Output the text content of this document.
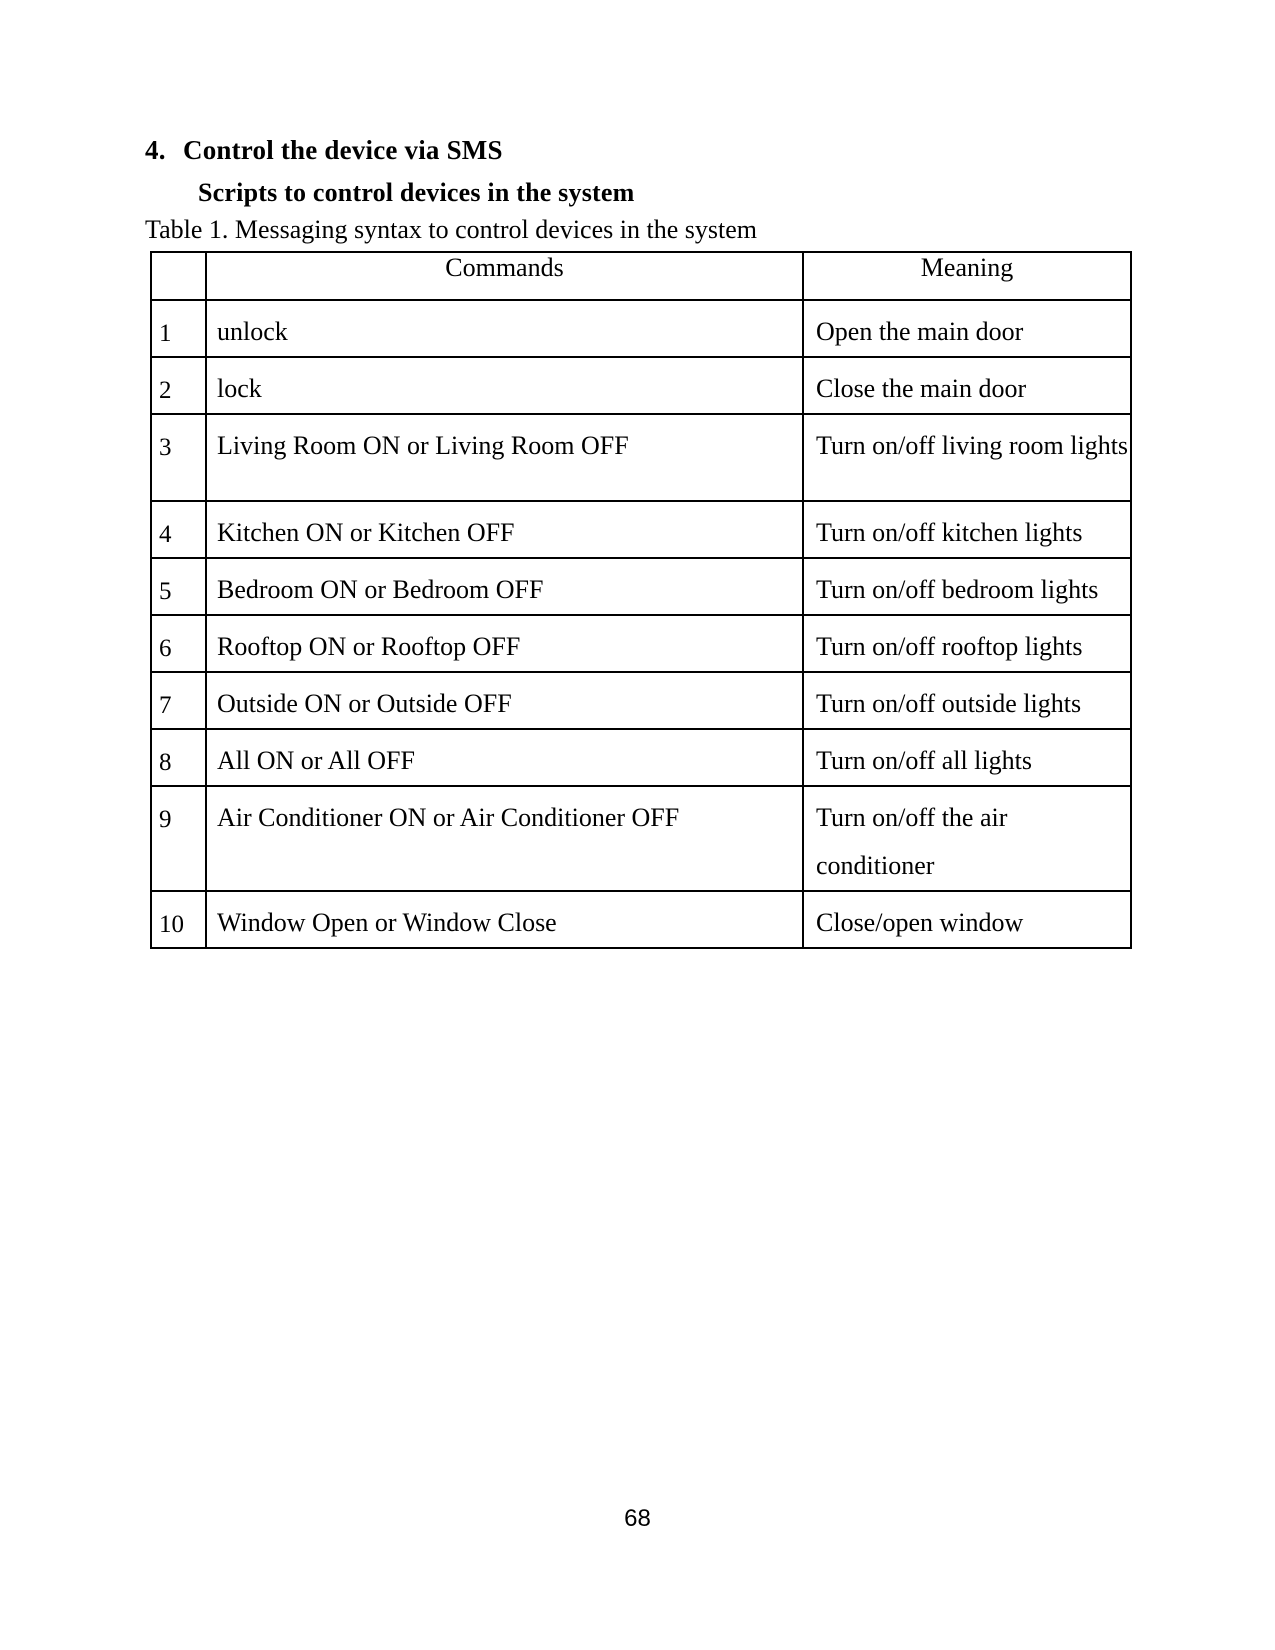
4. Control the device via SMS
Scripts to control devices in the system
Table 1. Messaging syntax to control devices in the system
	Commands	Meaning

1	unlock	Open the main door

2	lock	Close the main door

3	Living Room ON or Living Room OFF	Turn on/off living room lights

4	Kitchen ON or Kitchen OFF	Turn on/off kitchen lights

5	Bedroom ON or Bedroom OFF	Turn on/off bedroom lights

6	Rooftop ON or Rooftop OFF	Turn on/off rooftop lights

7	Outside ON or Outside OFF	Turn on/off outside lights

8	All ON or All OFF	Turn on/off all lights

9	Air Conditioner ON or Air Conditioner OFF	Turn on/off the air conditioner

10	Window Open or Window Close	Close/open window
68
